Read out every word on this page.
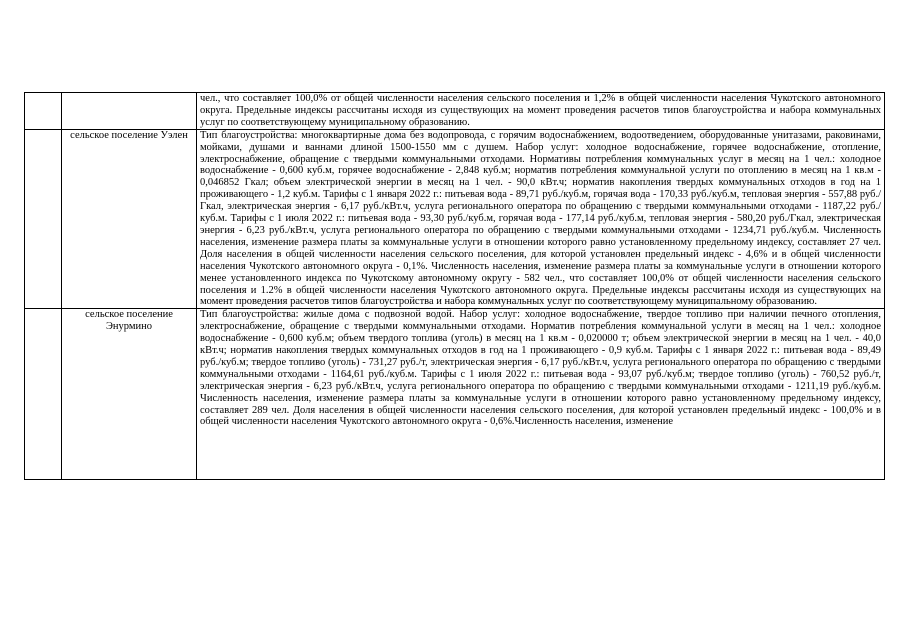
		чел., что составляет 100,0% от общей численности населения сельского поселения и 1,2% в общей численности населения Чукотского автономного округа. Предельные индексы рассчитаны исходя из существующих на момент проведения расчетов типов благоустройства и набора коммунальных услуг по соответствующему муниципальному образованию.

	сельское поселение Уэлен	Тип благоустройства: многоквартирные дома без водопровода, с горячим водоснабжением, водоотведением, оборудованные унитазами, раковинами, мойками, душами и ваннами длиной 1500-1550 мм с душем. Набор услуг: холодное водоснабжение, горячее водоснабжение, отопление, электроснабжение, обращение с твердыми коммунальными отходами. Нормативы потребления коммунальных услуг в месяц на 1 чел.: холодное водоснабжение - 0,600 куб.м, горячее водоснабжение - 2,848 куб.м; норматив потребления коммунальной услуги по отоплению в месяц на 1 кв.м - 0,046852 Гкал; объем электрической энергии в месяц на 1 чел. - 90,0 кВт.ч; норматив накопления твердых коммунальных отходов в год на 1 проживающего - 1,2 куб.м. Тарифы с 1 января 2022 г.: питьевая вода - 89,71 руб./куб.м, горячая вода - 170,33 руб./куб.м, тепловая энергия - 557,88 руб./Гкал, электрическая энергия - 6,17 руб./кВт.ч, услуга регионального оператора по обращению с твердыми коммунальными отходами - 1187,22 руб./куб.м. Тарифы с 1 июля 2022 г.: питьевая вода - 93,30 руб./куб.м, горячая вода - 177,14 руб./куб.м, тепловая энергия - 580,20 руб./Гкал, электрическая энергия - 6,23 руб./кВт.ч, услуга регионального оператора по обращению с твердыми коммунальными отходами - 1234,71 руб./куб.м. Численность населения, изменение размера платы за коммунальные услуги в отношении которого равно установленному предельному индексу, составляет 27 чел. Доля населения в общей численности населения сельского поселения, для которой установлен предельный индекс - 4,6% и в общей численности населения Чукотского автономного округа - 0,1%. Численность населения, изменение размера платы за коммунальные услуги в отношении которого менее установленного индекса по Чукотскому автономному округу - 582 чел., что составляет 100,0% от общей численности населения сельского поселения и 1.2% в общей численности населения Чукотского автономного округа. Предельные индексы рассчитаны исходя из существующих на момент проведения расчетов типов благоустройства и набора коммунальных услуг по соответствующему муниципальному образованию.

	сельское поселение Энурмино	Тип благоустройства: жилые дома с подвозной водой. Набор услуг: холодное водоснабжение, твердое топливо при наличии печного отопления, электроснабжение, обращение с твердыми коммунальными отходами. Норматив потребления коммунальной услуги в месяц на 1 чел.: холодное водоснабжение - 0,600 куб.м; объем твердого топлива (уголь) в месяц на 1 кв.м - 0,020000 т; объем электрической энергии в месяц на 1 чел. - 40,0 кВт.ч; норматив накопления твердых коммунальных отходов в год на 1 проживающего - 0,9 куб.м. Тарифы с 1 января 2022 г.: питьевая вода - 89,49 руб./куб.м; твердое топливо (уголь) - 731,27 руб./т, электрическая энергия - 6,17 руб./кВт.ч, услуга регионального оператора по обращению с твердыми коммунальными отходами - 1164,61 руб./куб.м. Тарифы с 1 июля 2022 г.: питьевая вода - 93,07 руб./куб.м; твердое топливо (уголь) - 760,52 руб./т, электрическая энергия - 6,23 руб./кВт.ч, услуга регионального оператора по обращению с твердыми коммунальными отходами - 1211,19 руб./куб.м. Численность населения, изменение размера платы за коммунальные услуги в отношении которого равно установленному предельному индексу, составляет 289 чел. Доля населения в общей численности населения сельского поселения, для которой установлен предельный индекс - 100,0% и в общей численности населения Чукотского автономного округа - 0,6%.Численность населения, изменение
